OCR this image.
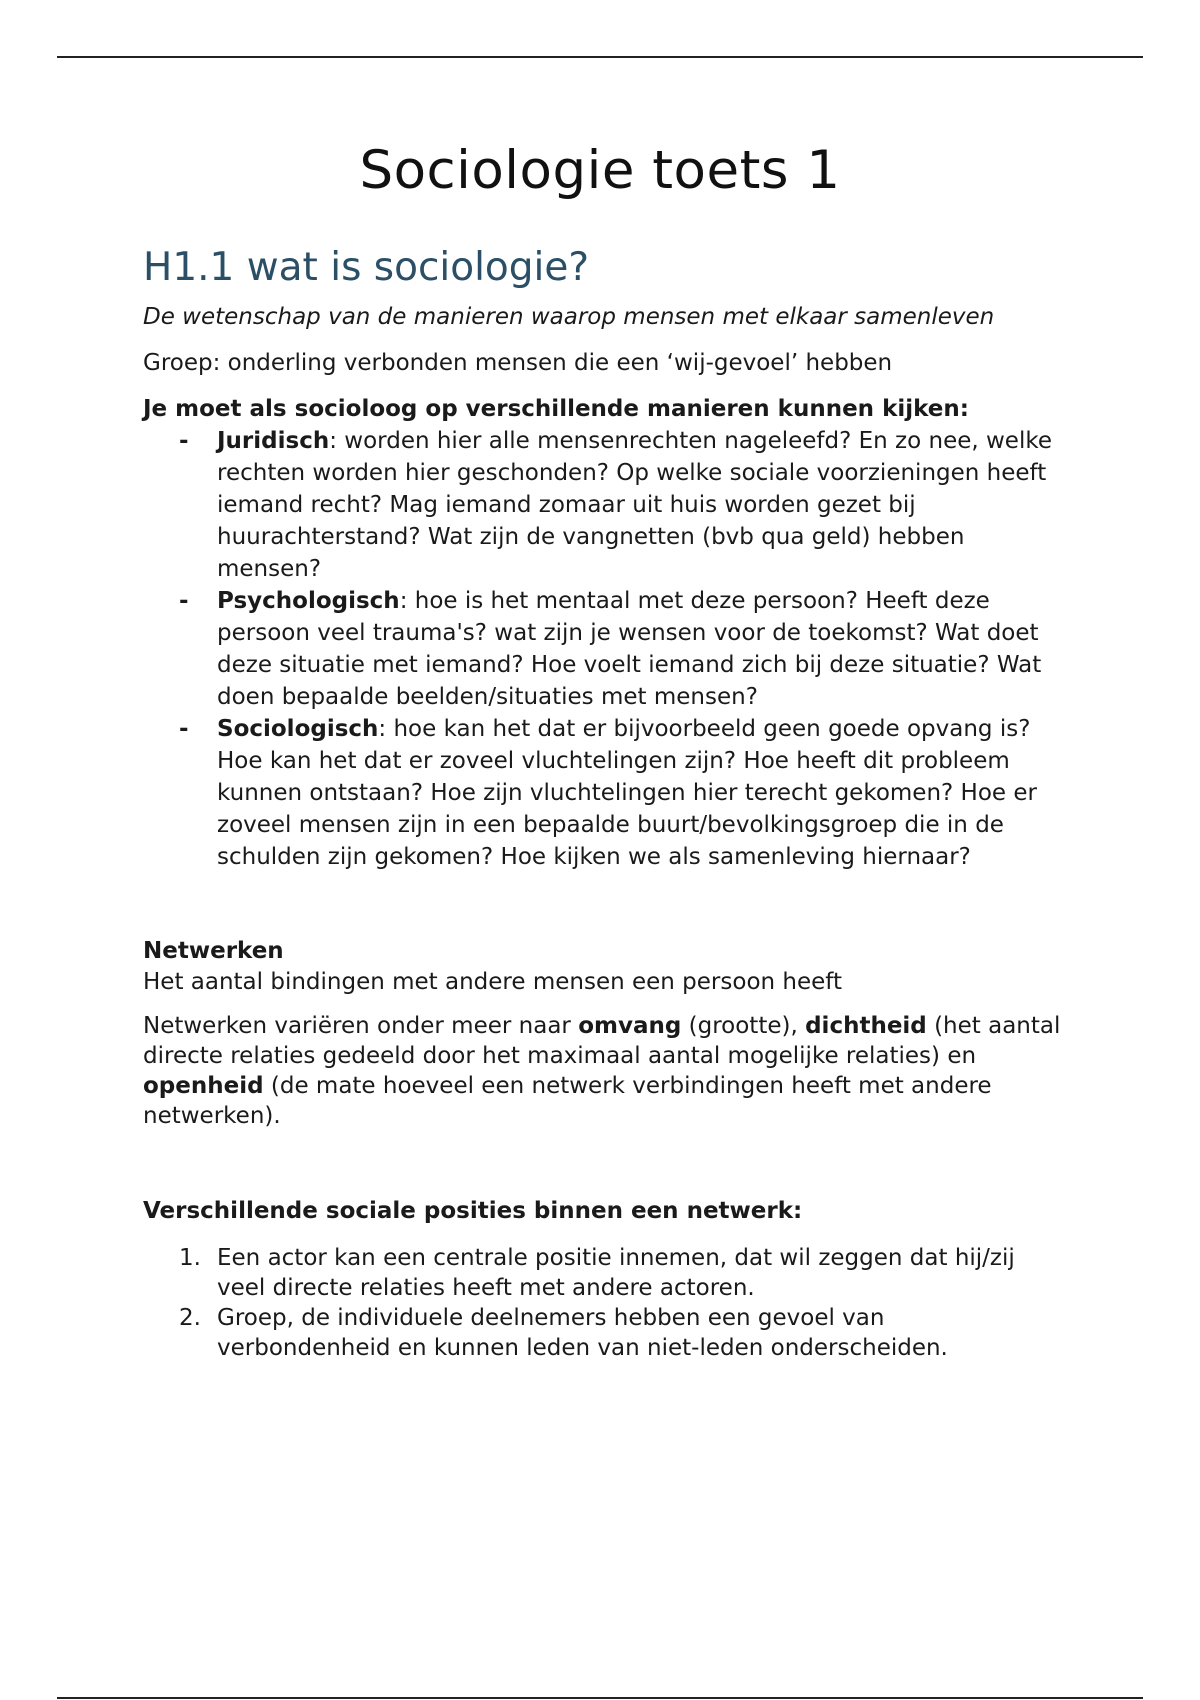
Sociologie toets 1
H1.1 wat is sociologie?

De wetenschap van de manieren waarop mensen met elkaar samenleven

Groep: onderling verbonden mensen die een ‘wij-gevoel’ hebben

Je moet als socioloog op verschillende manieren kunnen kijken:

- Juridisch: worden hier alle mensenrechten nageleefd? En zo nee, welke rechten worden hier geschonden? Op welke sociale voorzieningen heeft iemand recht? Mag iemand zomaar uit huis worden gezet bij huurachterstand? Wat zijn de vangnetten (bvb qua geld) hebben mensen?
- Psychologisch: hoe is het mentaal met deze persoon? Heeft deze persoon veel trauma's? wat zijn je wensen voor de toekomst? Wat doet deze situatie met iemand? Hoe voelt iemand zich bij deze situatie? Wat doen bepaalde beelden/situaties met mensen?
- Sociologisch: hoe kan het dat er bijvoorbeeld geen goede opvang is? Hoe kan het dat er zoveel vluchtelingen zijn? Hoe heeft dit probleem kunnen ontstaan? Hoe zijn vluchtelingen hier terecht gekomen? Hoe er zoveel mensen zijn in een bepaalde buurt/bevolkingsgroep die in de schulden zijn gekomen? Hoe kijken we als samenleving hiernaar?

Netwerken

Het aantal bindingen met andere mensen een persoon heeft

Netwerken variëren onder meer naar omvang (grootte), dichtheid (het aantal directe relaties gedeeld door het maximaal aantal mogelijke relaties) en openheid (de mate hoeveel een netwerk verbindingen heeft met andere netwerken).

Verschillende sociale posities binnen een netwerk:

1. Een actor kan een centrale positie innemen, dat wil zeggen dat hij/zij veel directe relaties heeft met andere actoren.
2. Groep, de individuele deelnemers hebben een gevoel van verbondenheid en kunnen leden van niet-leden onderscheiden.
